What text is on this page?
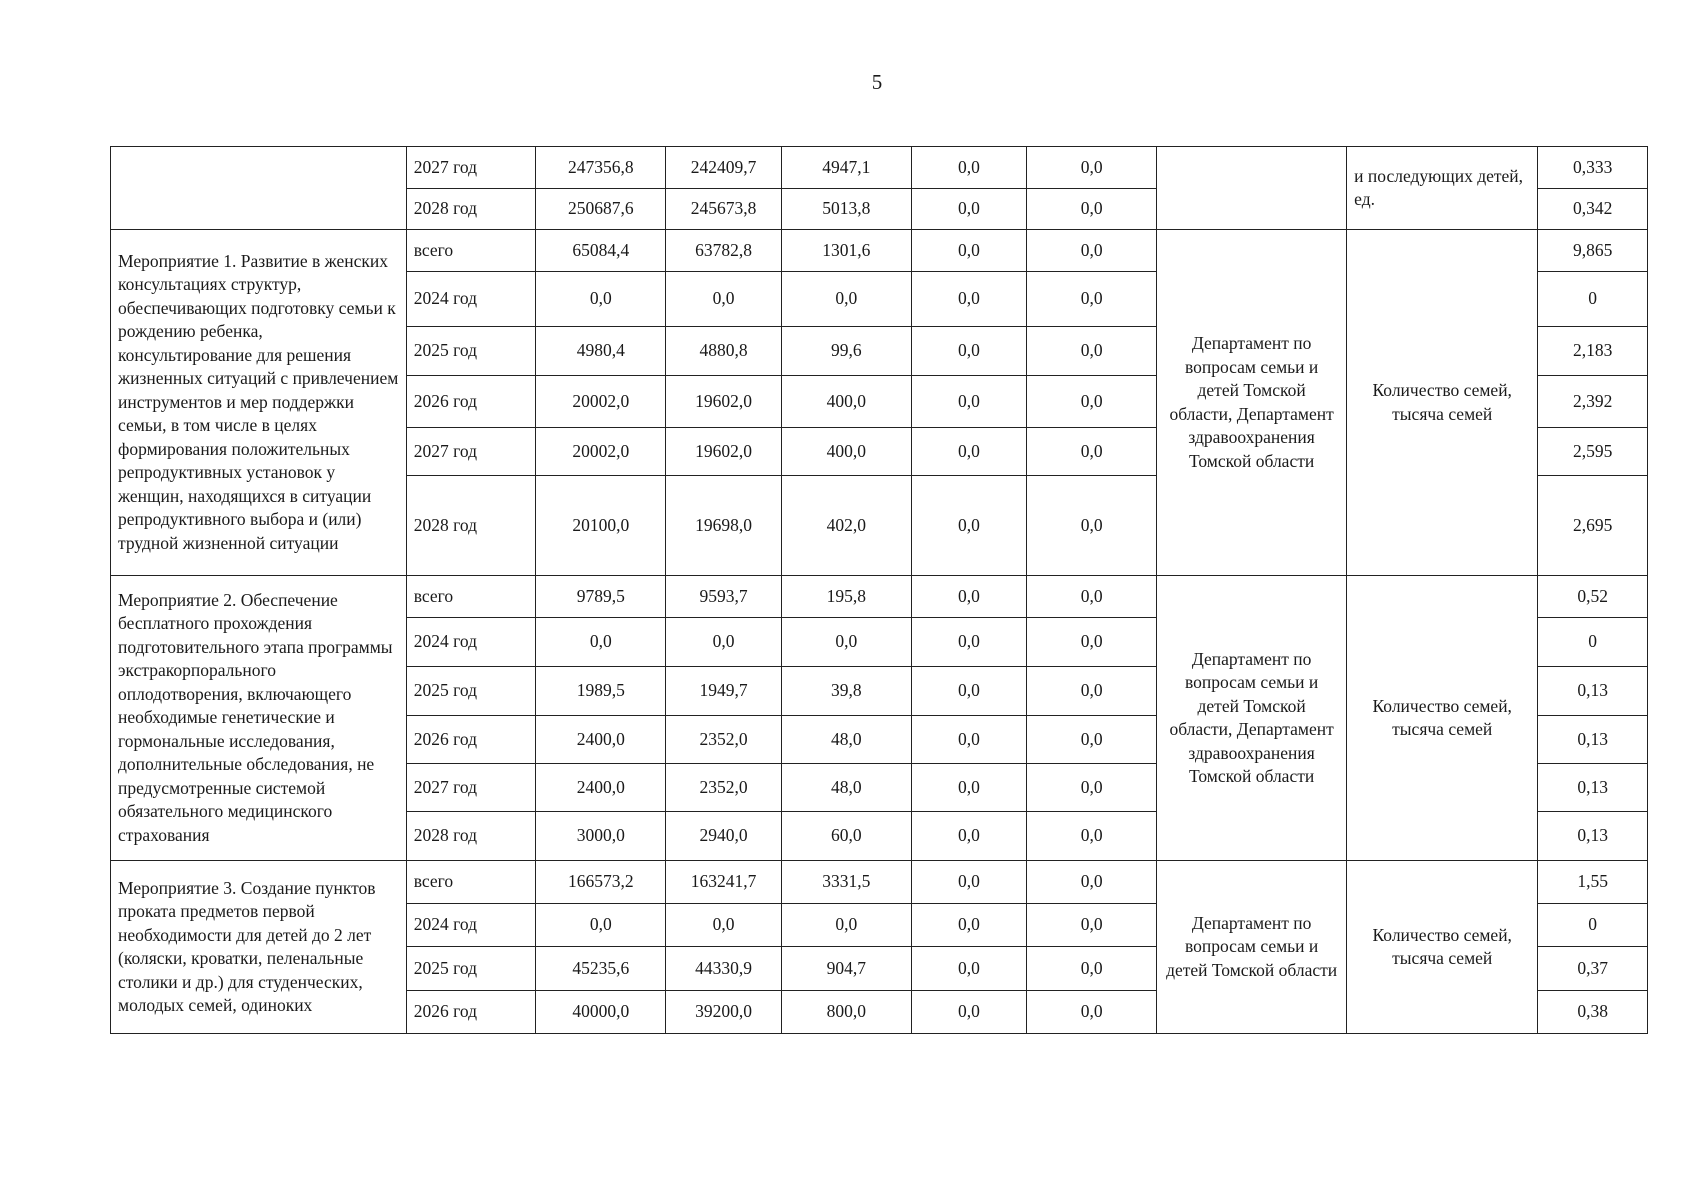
5
	2027 год	247356,8	242409,7	4947,1	0,0	0,0		и последующих детей, ед.	0,333
	2028 год	250687,6	245673,8	5013,8	0,0	0,0			0,342
Мероприятие 1. Развитие в женских консультациях структур, обеспечивающих подготовку семьи к рождению ребенка, консультирование для решения жизненных ситуаций с привлечением инструментов и мер поддержки семьи, в том числе в целях формирования положительных репродуктивных установок у женщин, находящихся в ситуации репродуктивного выбора и (или) трудной жизненной ситуации	всего	65084,4	63782,8	1301,6	0,0	0,0	Департамент по вопросам семьи и детей Томской области, Департамент здравоохранения Томской области	Количество семей, тысяча семей	9,865
	2024 год	0,0	0,0	0,0	0,0	0,0			0
	2025 год	4980,4	4880,8	99,6	0,0	0,0			2,183
	2026 год	20002,0	19602,0	400,0	0,0	0,0			2,392
	2027 год	20002,0	19602,0	400,0	0,0	0,0			2,595
	2028 год	20100,0	19698,0	402,0	0,0	0,0			2,695
Мероприятие 2. Обеспечение бесплатного прохождения подготовительного этапа программы экстракорпорального оплодотворения, включающего необходимые генетические и гормональные исследования, дополнительные обследования, не предусмотренные системой обязательного медицинского страхования	всего	9789,5	9593,7	195,8	0,0	0,0	Департамент по вопросам семьи и детей Томской области, Департамент здравоохранения Томской области	Количество семей, тысяча семей	0,52
	2024 год	0,0	0,0	0,0	0,0	0,0			0
	2025 год	1989,5	1949,7	39,8	0,0	0,0			0,13
	2026 год	2400,0	2352,0	48,0	0,0	0,0			0,13
	2027 год	2400,0	2352,0	48,0	0,0	0,0			0,13
	2028 год	3000,0	2940,0	60,0	0,0	0,0			0,13
Мероприятие 3. Создание пунктов проката предметов первой необходимости для детей до 2 лет (коляски, кроватки, пеленальные столики и др.) для студенческих, молодых семей, одиноких	всего	166573,2	163241,7	3331,5	0,0	0,0	Департамент по вопросам семьи и детей Томской области	Количество семей, тысяча семей	1,55
	2024 год	0,0	0,0	0,0	0,0	0,0			0
	2025 год	45235,6	44330,9	904,7	0,0	0,0			0,37
	2026 год	40000,0	39200,0	800,0	0,0	0,0			0,38
